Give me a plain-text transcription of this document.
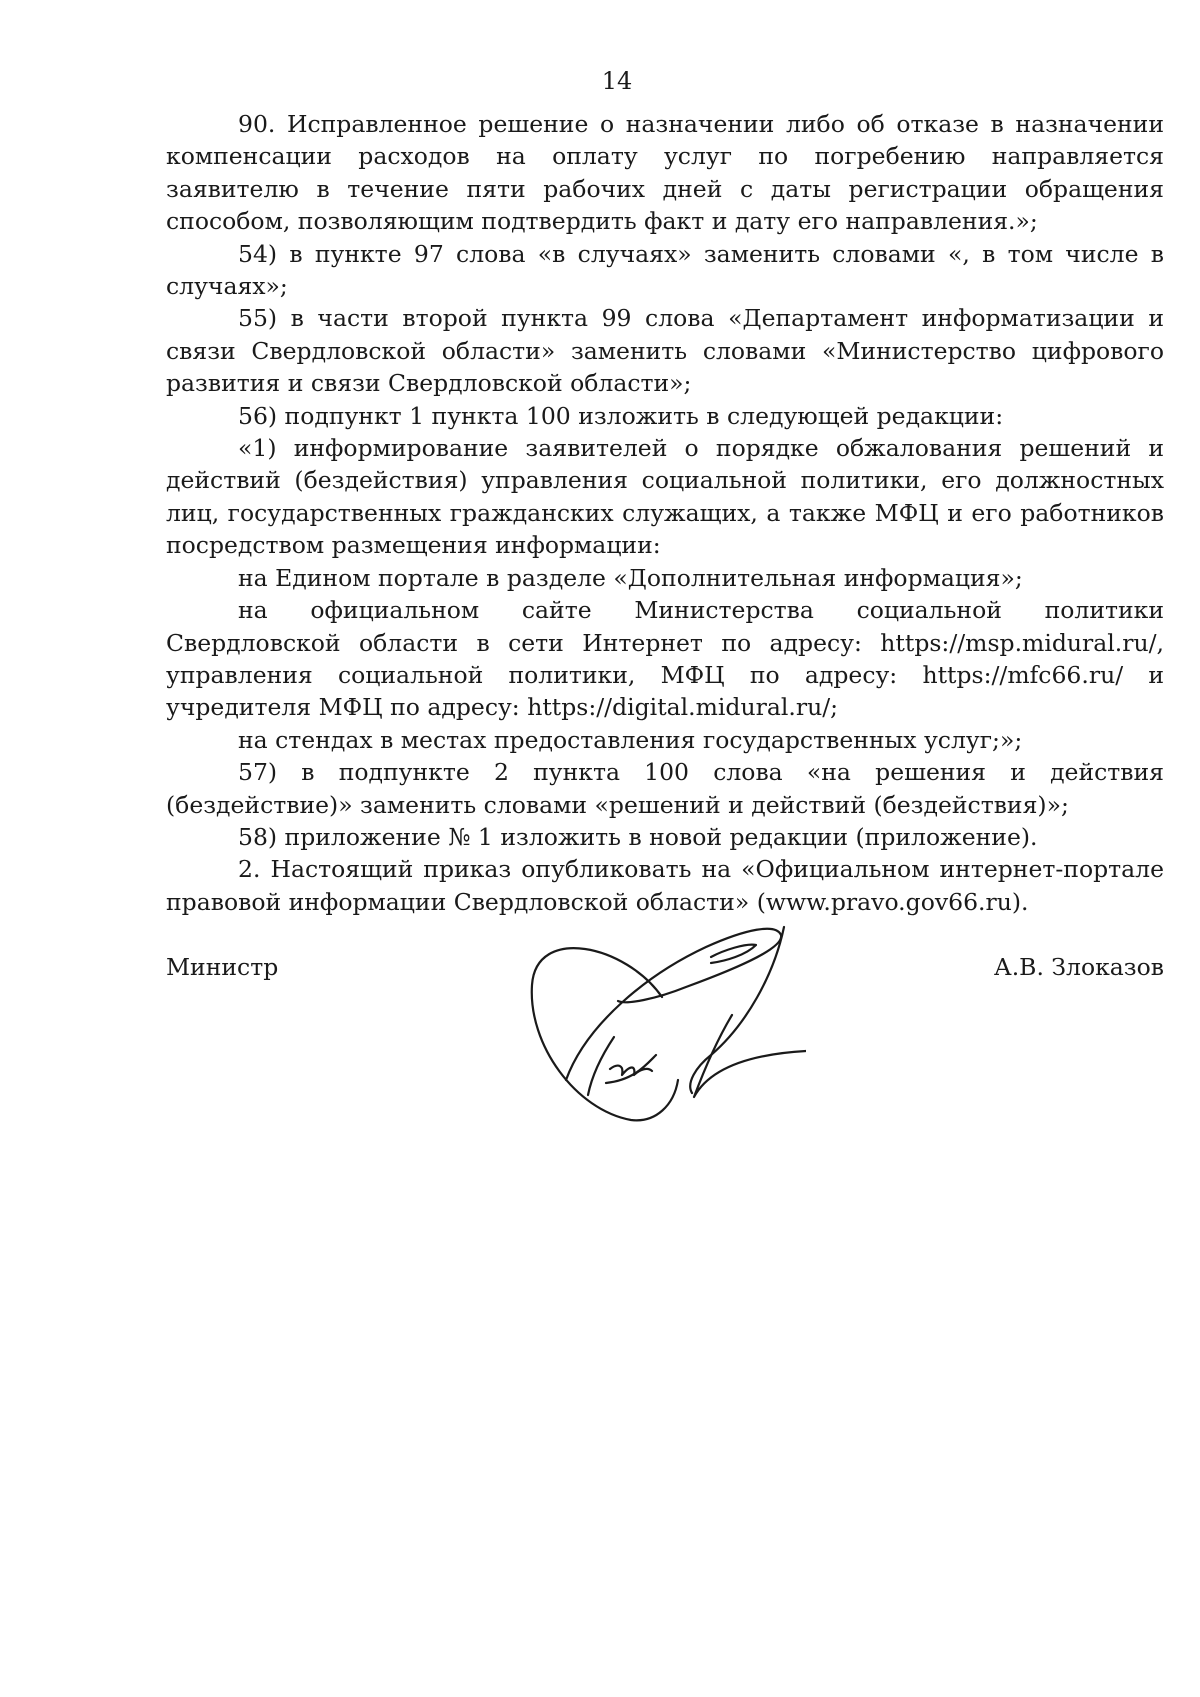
14

90. Исправленное решение о назначении либо об отказе в назначении компенсации расходов на оплату услуг по погребению направляется заявителю в течение пяти рабочих дней с даты регистрации обращения способом, позволяющим подтвердить факт и дату его направления.»;

54) в пункте 97 слова «в случаях» заменить словами «, в том числе в случаях»;

55) в части второй пункта 99 слова «Департамент информатизации и связи Свердловской области» заменить словами «Министерство цифрового развития и связи Свердловской области»;

56) подпункт 1 пункта 100 изложить в следующей редакции:

«1) информирование заявителей о порядке обжалования решений и действий (бездействия) управления социальной политики, его должностных лиц, государственных гражданских служащих, а также МФЦ и его работников посредством размещения информации:

на Едином портале в разделе «Дополнительная информация»;

на официальном сайте Министерства социальной политики Свердловской области в сети Интернет по адресу: https://msp.midural.ru/, управления социальной политики, МФЦ по адресу: https://mfc66.ru/ и учредителя МФЦ по адресу: https://digital.midural.ru/;

на стендах в местах предоставления государственных услуг;»;

57) в подпункте 2 пункта 100 слова «на решения и действия (бездействие)» заменить словами «решений и действий (бездействия)»;

58) приложение № 1 изложить в новой редакции (приложение).

2. Настоящий приказ опубликовать на «Официальном интернет-портале правовой информации Свердловской области» (www.pravo.gov66.ru).

Министр	А.В. Злоказов
